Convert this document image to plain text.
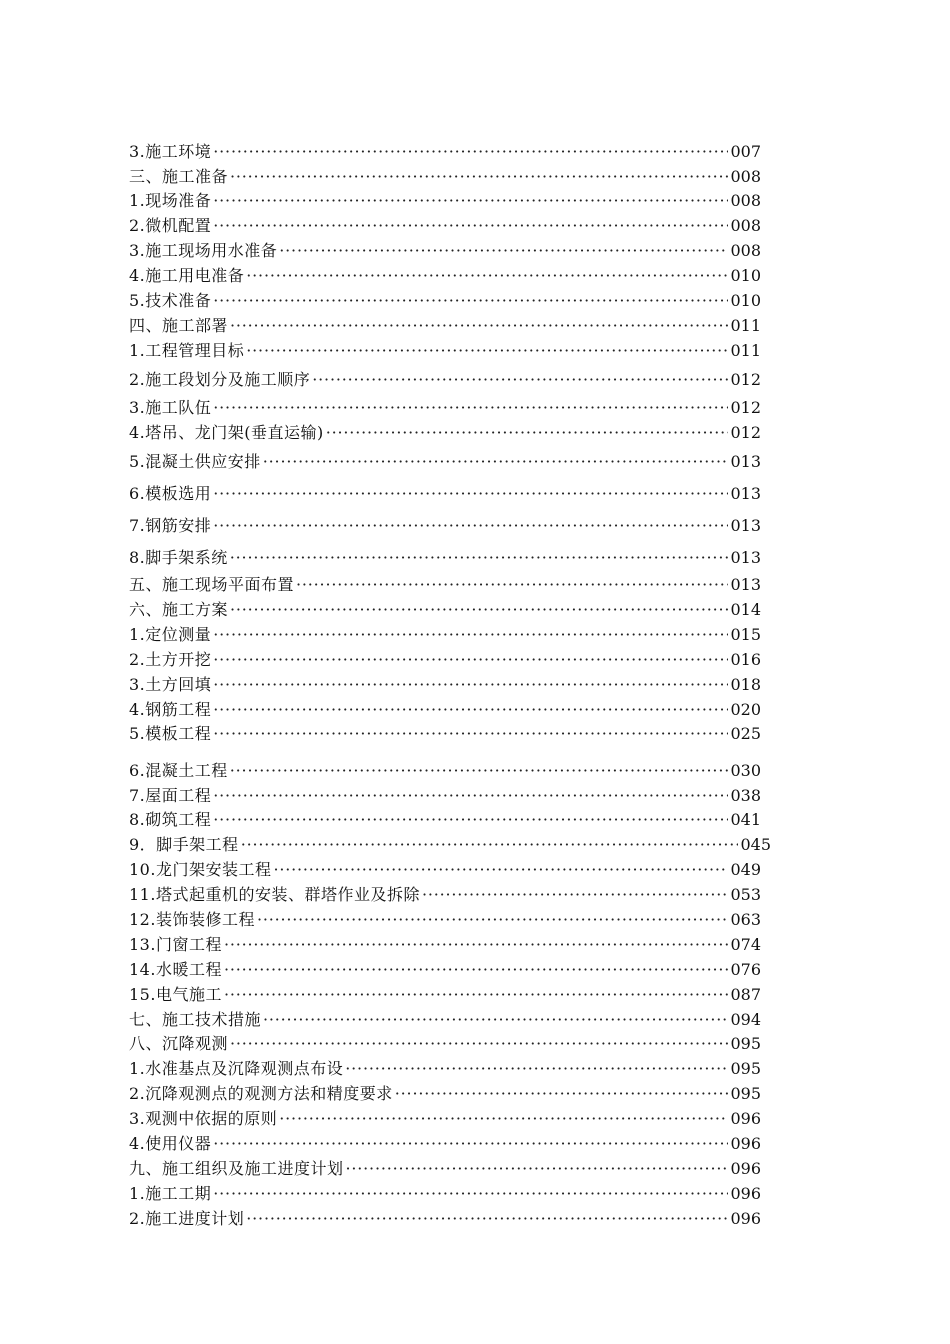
3.施工环境 ·····	007
三、施工准备 ·····	008
1.现场准备 ·····	008
2.微机配置 ·····	008
3.施工现场用水准备 ·····	008
4.施工用电准备 ·····	010
5.技术准备 ·····	010
四、施工部署 ·····	011
1.工程管理目标 ·····	011
2.施工段划分及施工顺序 ·····	012
3.施工队伍 ·····	012
4.塔吊、龙门架(垂直运输) ·····	012
5.混凝土供应安排 ·····	013
6.模板选用 ·····	013
7.钢筋安排 ·····	013
8.脚手架系统 ·····	013
五、施工现场平面布置 ·····	013
六、施工方案 ·····	014
1.定位测量 ·····	015
2.土方开挖 ·····	016
3.土方回填 ·····	018
4.钢筋工程 ·····	020
5.模板工程 ·····	025
6.混凝土工程 ·····	030
7.屋面工程 ·····	038
8.砌筑工程 ·····	041
9．脚手架工程 ·····	045
10.龙门架安装工程 ·····	049
11.塔式起重机的安装、群塔作业及拆除 ·····	053
12.装饰装修工程 ·····	063
13.门窗工程 ·····	074
14.水暖工程 ·····	076
15.电气施工 ·····	087
七、施工技术措施 ·····	094
八、沉降观测 ·····	095
1.水准基点及沉降观测点布设 ·····	095
2.沉降观测点的观测方法和精度要求 ·····	095
3.观测中依据的原则 ·····	096
4.使用仪器 ·····	096
九、施工组织及施工进度计划 ·····	096
1.施工工期 ·····	096
2.施工进度计划 ·····	096
